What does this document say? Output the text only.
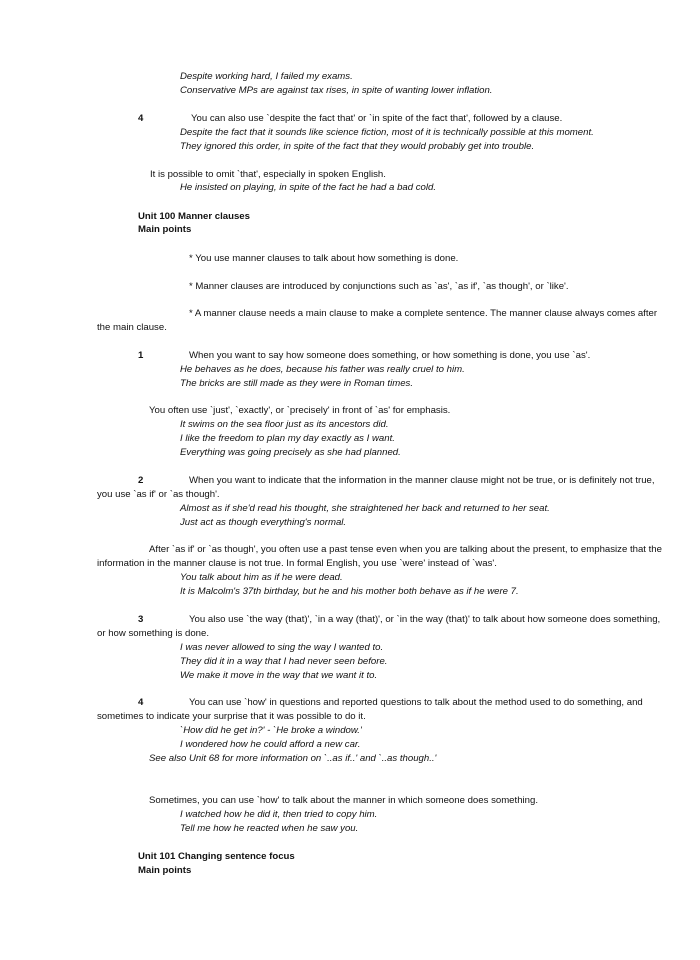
Despite working hard, I failed my exams.
Conservative MPs are against tax rises, in spite of wanting lower inflation.
4	You can also use `despite the fact that' or `in spite of the fact that', followed by a clause.
Despite the fact that it sounds like science fiction, most of it is technically possible at this moment.
They ignored this order, in spite of the fact that they would probably get into trouble.
It is possible to omit `that', especially in spoken English.
He insisted on playing, in spite of the fact he had a bad cold.
Unit 100 Manner clauses
Main points
* You use manner clauses to talk about how something is done.
* Manner clauses are introduced by conjunctions such as `as', `as if', `as though', or `like'.
* A manner clause needs a main clause to make a complete sentence. The manner clause always comes after
the main clause.
1	When you want to say how someone does something, or how something is done, you use `as'.
He behaves as he does, because his father was really cruel to him.
The bricks are still made as they were in Roman times.
You often use `just', `exactly', or `precisely' in front of `as' for emphasis.
It swims on the sea floor just as its ancestors did.
I like the freedom to plan my day exactly as I want.
Everything was going precisely as she had planned.
2	When you want to indicate that the information in the manner clause might not be true, or is definitely not true,
you use `as if' or `as though'.
Almost as if she'd read his thought, she straightened her back and returned to her seat.
Just act as though everything's normal.
After `as if' or `as though', you often use a past tense even when you are talking about the present, to emphasize that the
information in the manner clause is not true. In formal English, you use `were' instead of `was'.
You talk about him as if he were dead.
It is Malcolm's 37th birthday, but he and his mother both behave as if he were 7.
3	You also use `the way (that)', `in a way (that)', or `in the way (that)' to talk about how someone does something,
or how something is done.
I was never allowed to sing the way I wanted to.
They did it in a way that I had never seen before.
We make it move in the way that we want it to.
4	You can use `how' in questions and reported questions to talk about the method used to do something, and
sometimes to indicate your surprise that it was possible to do it.
`How did he get in?' - `He broke a window.'
I wondered how he could afford a new car.
See also Unit 68 for more information on `..as if..' and `..as though..'
Sometimes, you can use `how' to talk about the manner in which someone does something.
I watched how he did it, then tried to copy him.
Tell me how he reacted when he saw you.
Unit 101 Changing sentence focus
Main points
